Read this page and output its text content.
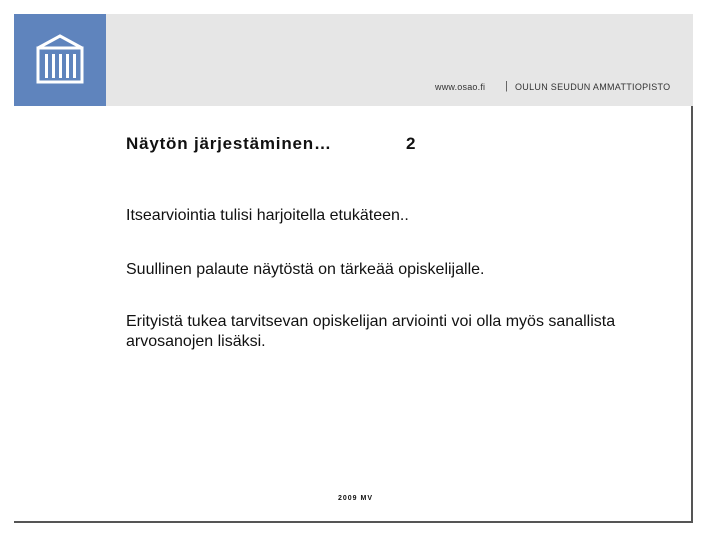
www.osao.fi | OULUN SEUDUN AMMATTIOPISTO
Näytön järjestäminen…	2
Itsearviointia tulisi harjoitella etukäteen..
Suullinen palaute näytöstä on tärkeää opiskelijalle.
Erityistä tukea tarvitsevan opiskelijan arviointi voi olla myös sanallista arvosanojen lisäksi.
2009 MV
